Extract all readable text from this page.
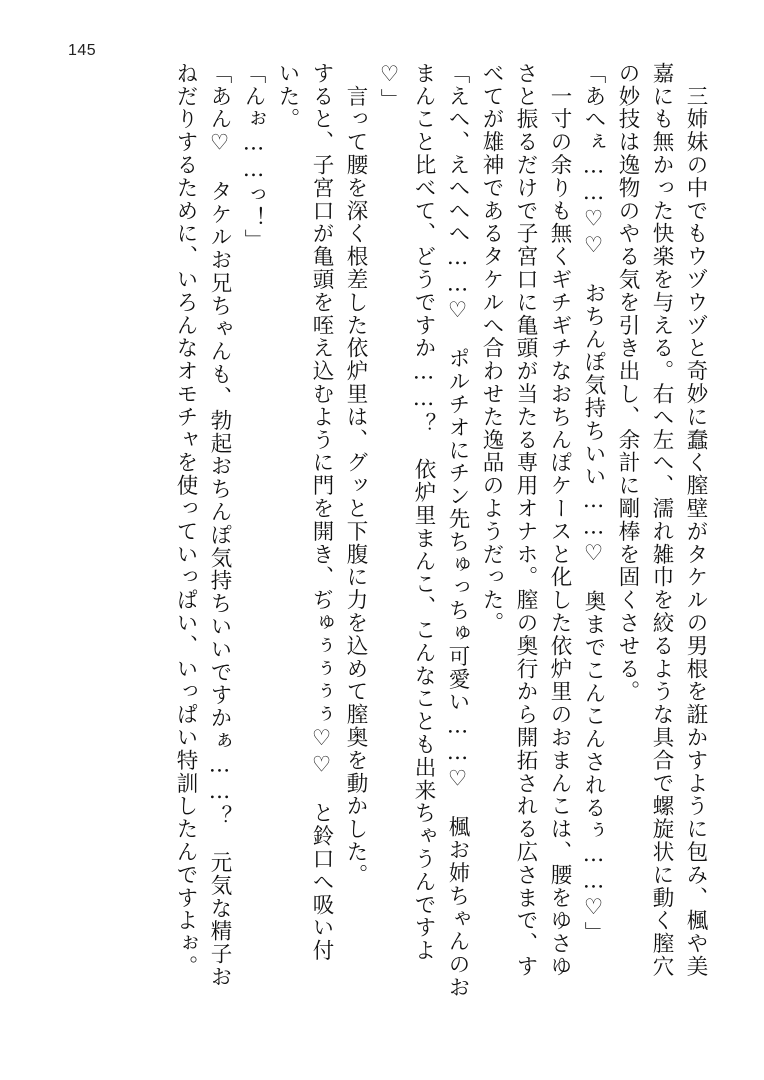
145
　三姉妹の中でもウヅウヅと奇妙に蠢く膣壁がタケルの男根を誑かすように包み、楓や美
嘉にも無かった快楽を与える。右へ左へ、濡れ雑巾を絞るような具合で螺旋状に動く膣穴
の妙技は逸物のやる気を引き出し、余計に剛棒を固くさせる。
「あへぇ……♡♡　おちんぽ気持ちいい……♡　奥までこんこんされるぅ……♡」
　一寸の余りも無くギチギチなおちんぽケースと化した依炉里のおまんこは、腰をゆさゆ
さと振るだけで子宮口に亀頭が当たる専用オナホ。膣の奥行から開拓される広さまで、す
べてが雄神であるタケルへ合わせた逸品のようだった。
「えへ、えへへへ……♡　ポルチオにチン先ちゅっちゅ可愛い……♡　楓お姉ちゃんのお
まんこと比べて、どうですか……？　依炉里まんこ、こんなことも出来ちゃうんですよ
♡」
　言って腰を深く根差した依炉里は、グッと下腹に力を込めて膣奥を動かした。
すると、子宮口が亀頭を咥え込むように門を開き、ぢゅぅぅぅぅ♡♡　と鈴口へ吸い付
いた。
「んぉ……っ！」
「あん♡　タケルお兄ちゃんも、勃起おちんぽ気持ちいいですかぁ……？　元気な精子お
ねだりするために、いろんなオモチャを使っていっぱい、いっぱい特訓したんですよぉ。
